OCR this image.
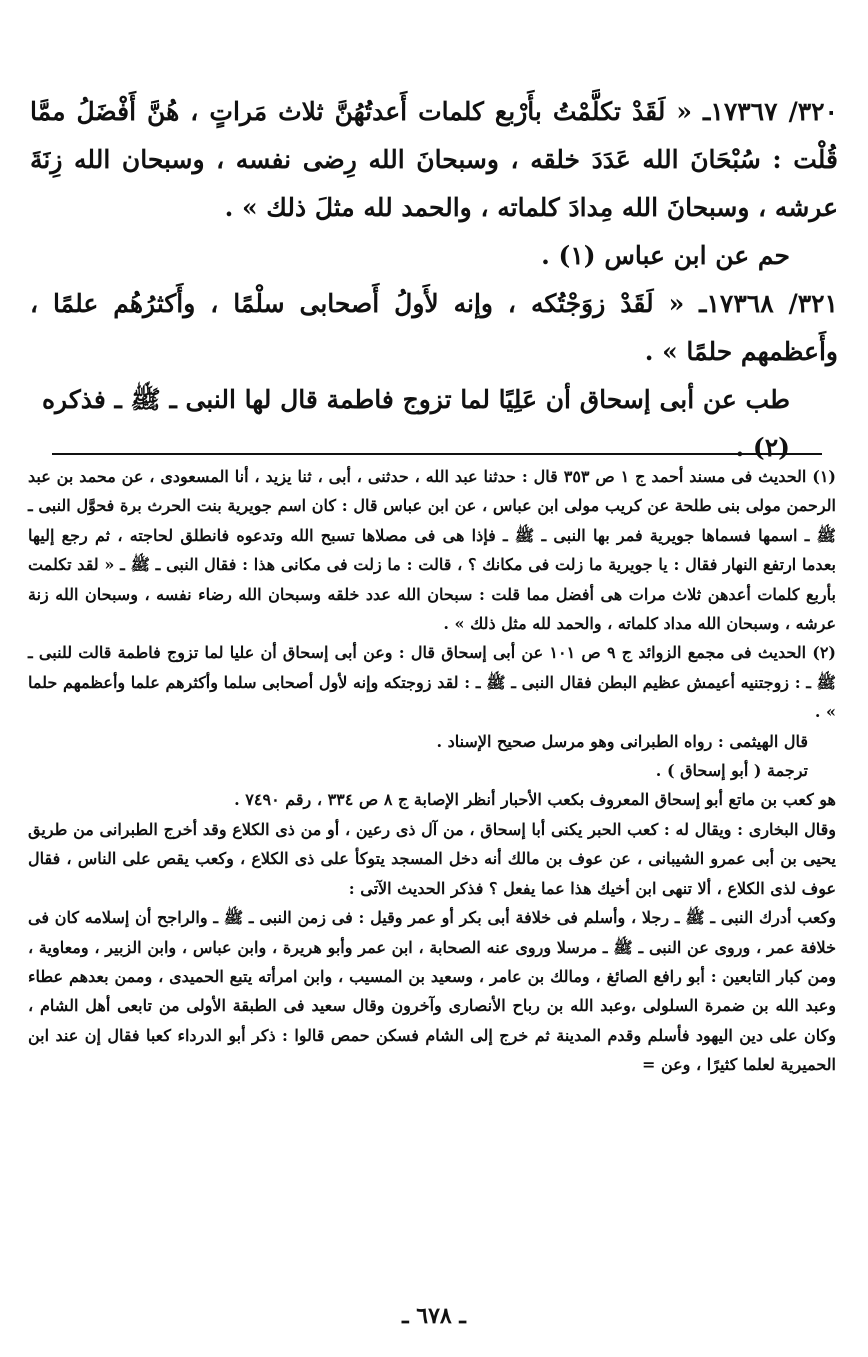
٣٢٠/ ١٧٣٦٧ـ « لَقَدْ تكلَّمْتُ بأَرْبع كلمات أَعدتُهُنَّ ثلاث مَراتٍ ، هُنَّ أَفْضَلُ ممَّا قُلْت : سُبْحَانَ الله عَدَدَ خلقه ، وسبحانَ الله رِضى نفسه ، وسبحان الله زِنَةَ عرشه ، وسبحانَ الله مِدادَ كلماته ، والحمد لله مثلَ ذلك » .

حم عن ابن عباس (١) .

٣٢١/ ١٧٣٦٨ـ « لَقَدْ زوَجْتُكه ، وإنه لأَولُ أَصحابى سلْمًا ، وأَكثرُهُم علمًا ، وأَعظمهم حلمًا » .

طب عن أبى إسحاق أن عَلِيًا لما تزوج فاطمة قال لها النبى ـ ﷺ ـ فذكره (٢) .

(١) الحديث فى مسند أحمد ج ١ ص ٣٥٣ قال : حدثنا عبد الله ، حدثنى ، أبى ، ثنا يزيد ، أنا المسعودى ، عن محمد بن عبد الرحمن مولى بنى طلحة عن كريب مولى ابن عباس ، عن ابن عباس قال : كان اسم جويرية بنت الحرث برة فحوَّل النبى ـ ﷺ ـ اسمها فسماها جويرية فمر بها النبى ـ ﷺ ـ فإذا هى فى مصلاها تسبح الله وتدعوه فانطلق لحاجته ، ثم رجع إليها بعدما ارتفع النهار فقال : يا جويرية ما زلت فى مكانك ؟ ، قالت : ما زلت فى مكانى هذا : فقال النبى ـ ﷺ ـ « لقد تكلمت بأربع كلمات أعدهن ثلاث مرات هى أفضل مما قلت : سبحان الله عدد خلقه وسبحان الله رضاء نفسه ، وسبحان الله زنة عرشه ، وسبحان الله مداد كلماته ، والحمد لله مثل ذلك » .

(٢) الحديث فى مجمع الزوائد ج ٩ ص ١٠١ عن أبى إسحاق قال : وعن أبى إسحاق أن عليا لما تزوج فاطمة قالت للنبى ـ ﷺ ـ : زوجتنيه أعيمش عظيم البطن فقال النبى ـ ﷺ ـ : لقد زوجتكه وإنه لأول أصحابى سلما وأكثرهم علما وأعظمهم حلما » .

قال الهيثمى : رواه الطبرانى وهو مرسل صحيح الإسناد .

ترجمة ( أبو إسحاق ) .

هو كعب بن ماتع أبو إسحاق المعروف بكعب الأحبار أنظر الإصابة ج ٨ ص ٣٣٤ ، رقم ٧٤٩٠ .

وقال البخارى : ويقال له : كعب الحبر يكنى أبا إسحاق ، من آل ذى رعين ، أو من ذى الكلاع وقد أخرج الطبرانى من طريق يحيى بن أبى عمرو الشيبانى ، عن عوف بن مالك أنه دخل المسجد يتوكأ على ذى الكلاع ، وكعب يقص على الناس ، فقال عوف لذى الكلاع ، ألا تنهى ابن أخيك هذا عما يفعل ؟ فذكر الحديث الآتى :

وكعب أدرك النبى ـ ﷺ ـ رجلا ، وأسلم فى خلافة أبى بكر أو عمر وقيل : فى زمن النبى ـ ﷺ ـ والراجح أن إسلامه كان فى خلافة عمر ، وروى عن النبى ـ ﷺ ـ مرسلا وروى عنه الصحابة ، ابن عمر وأبو هريرة ، وابن عباس ، وابن الزبير ، ومعاوية ، ومن كبار التابعين : أبو رافع الصائغ ، ومالك بن عامر ، وسعيد بن المسيب ، وابن امرأته يتبع الحميدى ، وممن بعدهم عطاء وعبد الله بن ضمرة السلولى ،وعبد الله بن رباح الأنصارى وآخرون وقال سعيد فى الطبقة الأولى من تابعى أهل الشام ، وكان على دين اليهود فأسلم وقدم المدينة ثم خرج إلى الشام فسكن حمص قالوا : ذكر أبو الدرداء كعبا فقال إن عند ابن الحميرية لعلما كثيرًا ، وعن =

ـ ٦٧٨ ـ
